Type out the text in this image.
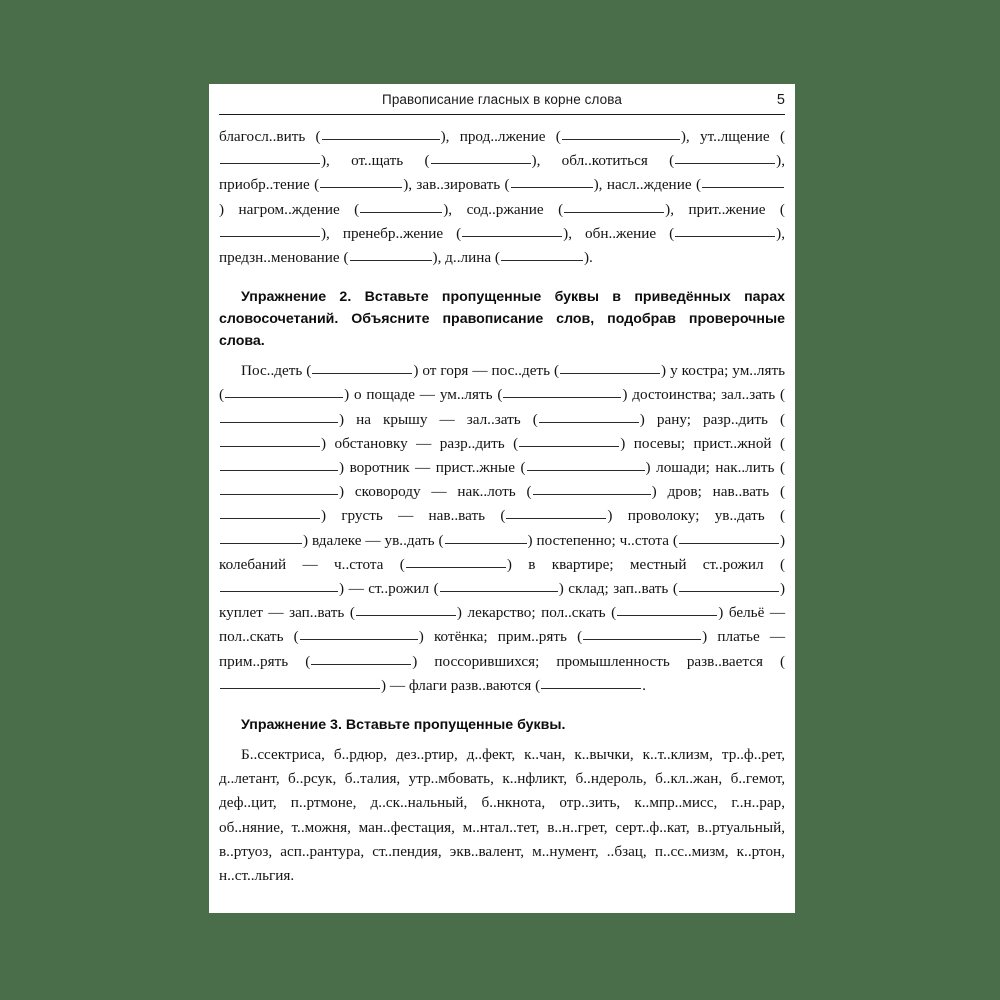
Правописание гласных в корне слова	5

благосл..вить (	), прод..лжение (	), ут..лщение (), от..щать (	), обл..котиться (	), приобр..тение (	), зав..зировать (	), насл..ждение () нагром..ждение (	), сод..ржание (	), прит..жение (), пренебр..жение (	), обн..жение (	), предзн..менование (	), д..лина (	).

Упражнение 2. Вставьте пропущенные буквы в приведённых парах словосочетаний. Объясните правописание слов, подобрав проверочные слова.

Пос..деть (	) от горя — пос..деть (	) у костра; ум..лять (	) о пощаде — ум..лять (	) достоинства; зал..зать () на крышу — зал..зать (	) рану; разр..дить () обстановку — разр..дить (	) посевы; прист..жной () воротник — прист..жные (	) лошади; нак..лить () сковороду — нак..лоть (	) дров; нав..вать () грусть — нав..вать (	) проволоку; ув..дать () вдалеке — ув..дать (	) постепенно; ч..стота (	) колебаний — ч..стота (	) в квартире; местный ст..рожил () — ст..рожил (	) склад; зап..вать (	) куплет — зап..вать (	) лекарство; пол..скать (	) бельё — пол..скать (	) котёнка; прим..рять (	) платье — прим..рять (	) поссорившихся; промышленность разв..вается () — флаги разв..ваются (	.

Упражнение 3. Вставьте пропущенные буквы.

Б..ссектриса, б..рдюр, дез..ртир, д..фект, к..чан, к..вычки, к..т..клизм, тр..ф..рет, д..летант, б..рсук, б..талия, утр..мбовать, к..нфликт, б..ндероль, б..кл..жан, б..гемот, деф..цит, п..ртмоне, д..ск..нальный, б..нкнота, отр..зить, к..мпр..мисс, г..н..рар, об..няние, т..можня, ман..фестация, м..нтал..тет, в..н..грет, серт..ф..кат, в..ртуальный, в..ртуоз, асп..рантура, ст..пендия, экв..валент, м..нумент, ..бзац, п..сс..мизм, к..ртон, н..ст..льгия.
